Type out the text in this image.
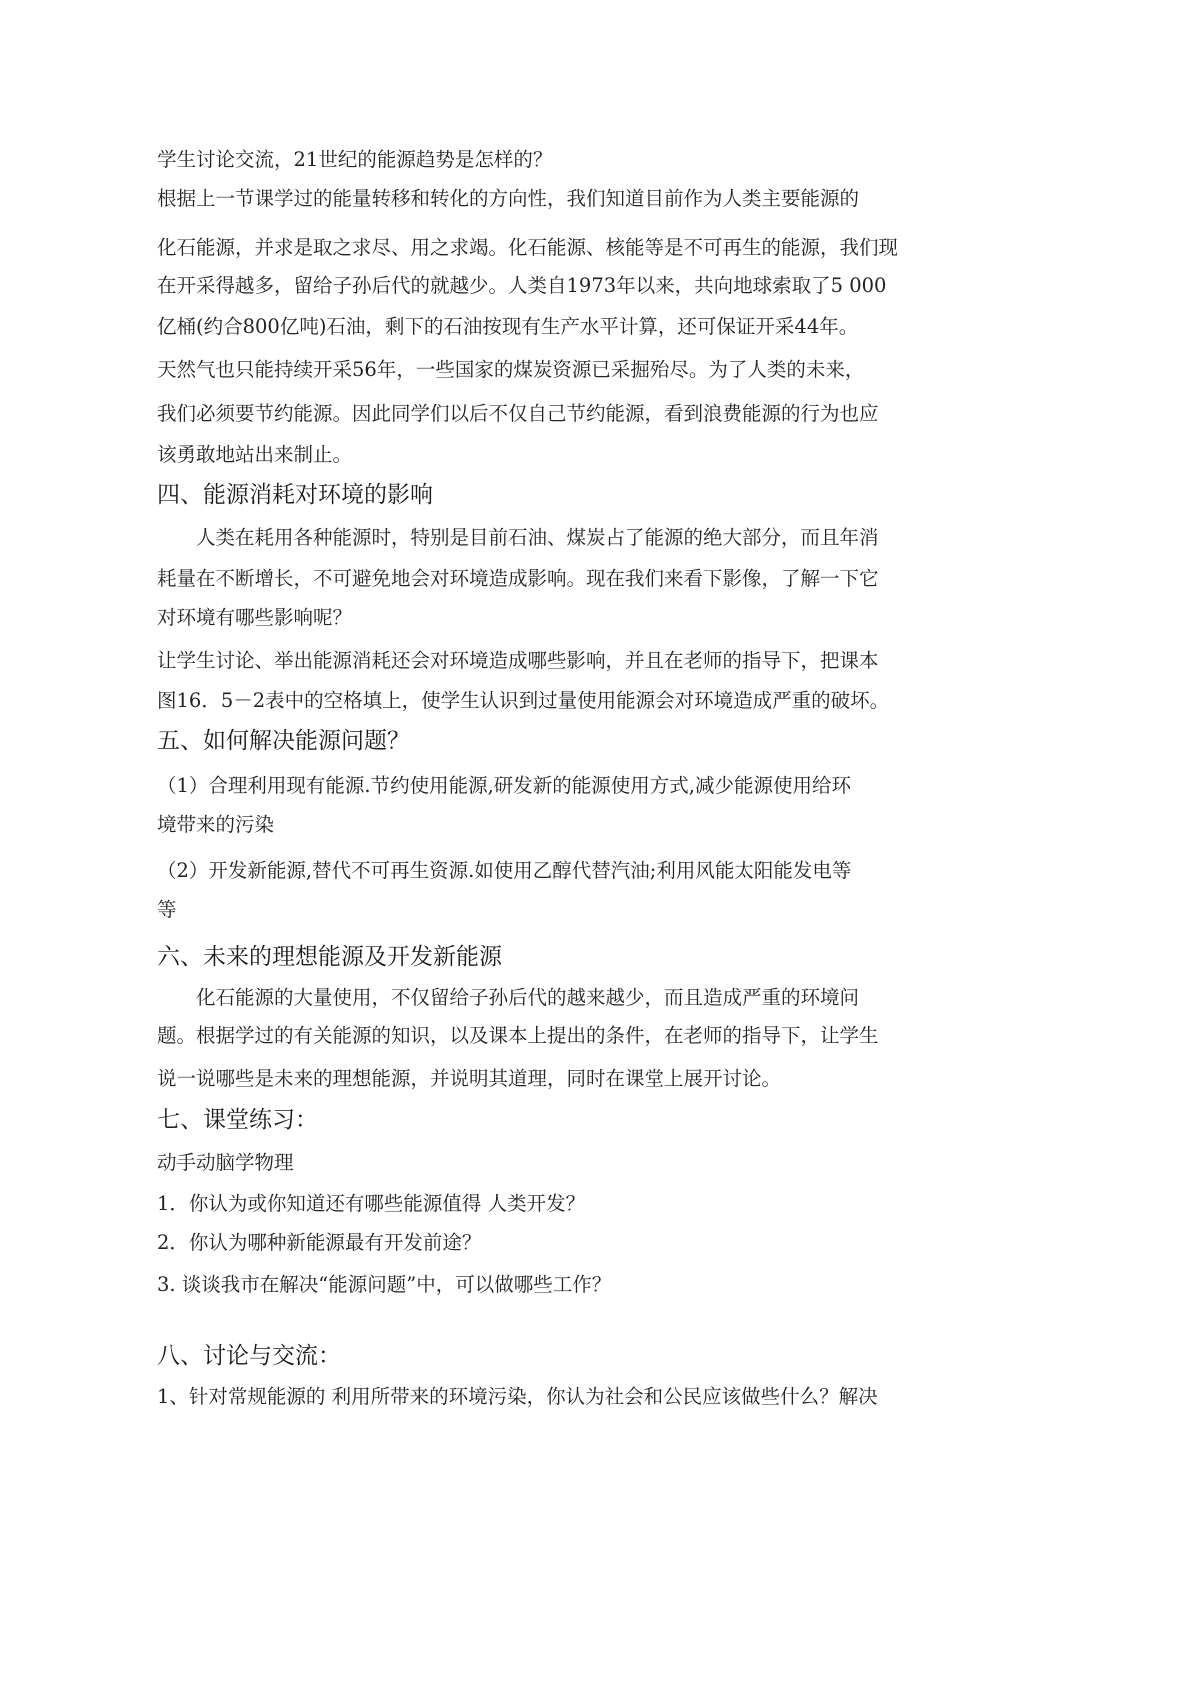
学生讨论交流，21世纪的能源趋势是怎样的？
根据上一节课学过的能量转移和转化的方向性，我们知道目前作为人类主要能源的
化石能源，并求是取之求尽、用之求竭。化石能源、核能等是不可再生的能源，我们现
在开采得越多，留给子孙后代的就越少。人类自1973年以来，共向地球索取了5 000
亿桶(约合800亿吨)石油，剩下的石油按现有生产水平计算，还可保证开采44年。
天然气也只能持续开采56年，一些国家的煤炭资源已采掘殆尽。为了人类的未来，
我们必须要节约能源。因此同学们以后不仅自己节约能源，看到浪费能源的行为也应
该勇敢地站出来制止。
四、能源消耗对环境的影响
人类在耗用各种能源时，特别是目前石油、煤炭占了能源的绝大部分，而且年消
耗量在不断增长，不可避免地会对环境造成影响。现在我们来看下影像，了解一下它
对环境有哪些影响呢？
让学生讨论、举出能源消耗还会对环境造成哪些影响，并且在老师的指导下，把课本
图16．5－2表中的空格填上，使学生认识到过量使用能源会对环境造成严重的破坏。
五、如何解决能源问题？
（1）合理利用现有能源.节约使用能源,研发新的能源使用方式,减少能源使用给环
境带来的污染
（2）开发新能源,替代不可再生资源.如使用乙醇代替汽油;利用风能太阳能发电等
等
六、未来的理想能源及开发新能源
化石能源的大量使用，不仅留给子孙后代的越来越少，而且造成严重的环境问
题。根据学过的有关能源的知识，以及课本上提出的条件，在老师的指导下，让学生
说一说哪些是未来的理想能源，并说明其道理，同时在课堂上展开讨论。
七、课堂练习：
动手动脑学物理
1．你认为或你知道还有哪些能源值得 人类开发？
2．你认为哪种新能源最有开发前途？
3. 谈谈我市在解决“能源问题”中，可以做哪些工作？
八、讨论与交流：
1、针对常规能源的 利用所带来的环境污染，你认为社会和公民应该做些什么？解决
